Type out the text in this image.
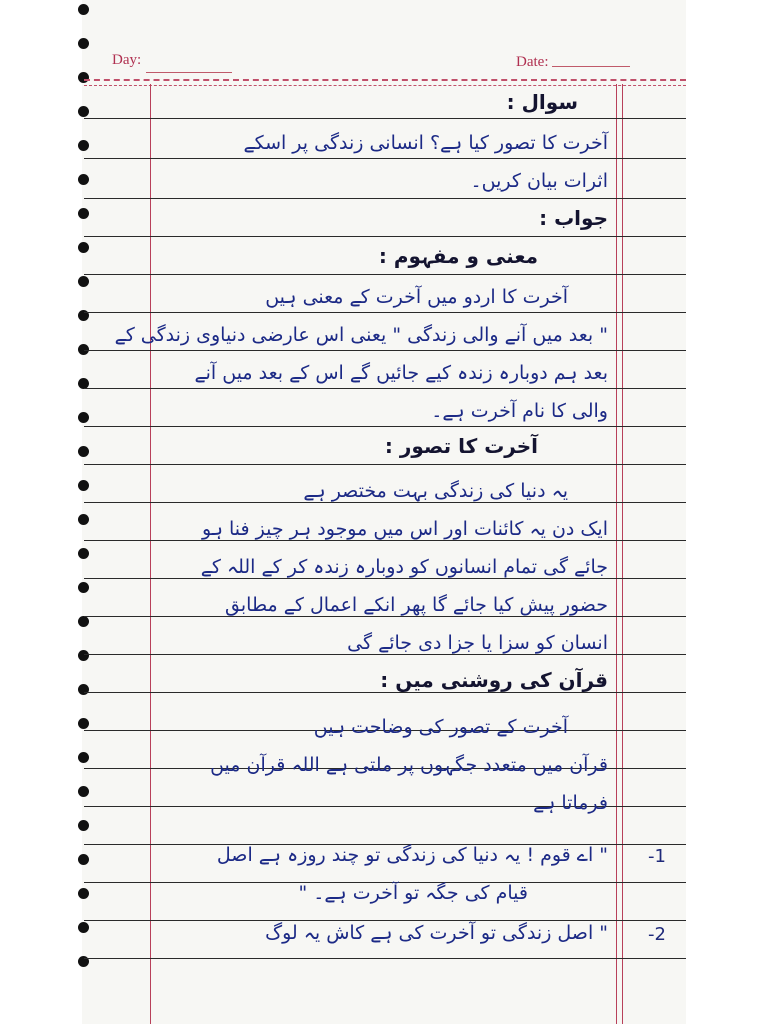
Day:	Date:
سوال :
آخرت کا تصور کیا ہے؟ انسانی زندگی پر اسکے
اثرات بیان کریں۔
جواب :
معنی و مفہوم :
آخرت کا اردو میں آخرت کے معنی ہیں
" بعد میں آنے والی زندگی " یعنی اس عارضی دنیاوی زندگی کے
بعد ہم دوبارہ زندہ کیے جائیں گے اس کے بعد میں آنے
والی کا نام آخرت ہے۔
آخرت کا تصور :
یہ دنیا کی زندگی بہت مختصر ہے
ایک دن یہ کائنات اور اس میں موجود ہر چیز فنا ہو
جائے گی تمام انسانوں کو دوبارہ زندہ کر کے اللہ کے
حضور پیش کیا جائے گا پھر انکے اعمال کے مطابق
انسان کو سزا یا جزا دی جائے گی
قرآن کی روشنی میں :
آخرت کے تصور کی وضاحت ہیں
قرآن میں متعدد جگہوں پر ملتی ہے اللہ قرآن میں
فرماتا ہے
-1
" اے قوم ! یہ دنیا کی زندگی تو چند روزہ ہے اصل
قیام کی جگہ تو آخرت ہے۔ "
-2
" اصل زندگی تو آخرت کی ہے کاش یہ لوگ
